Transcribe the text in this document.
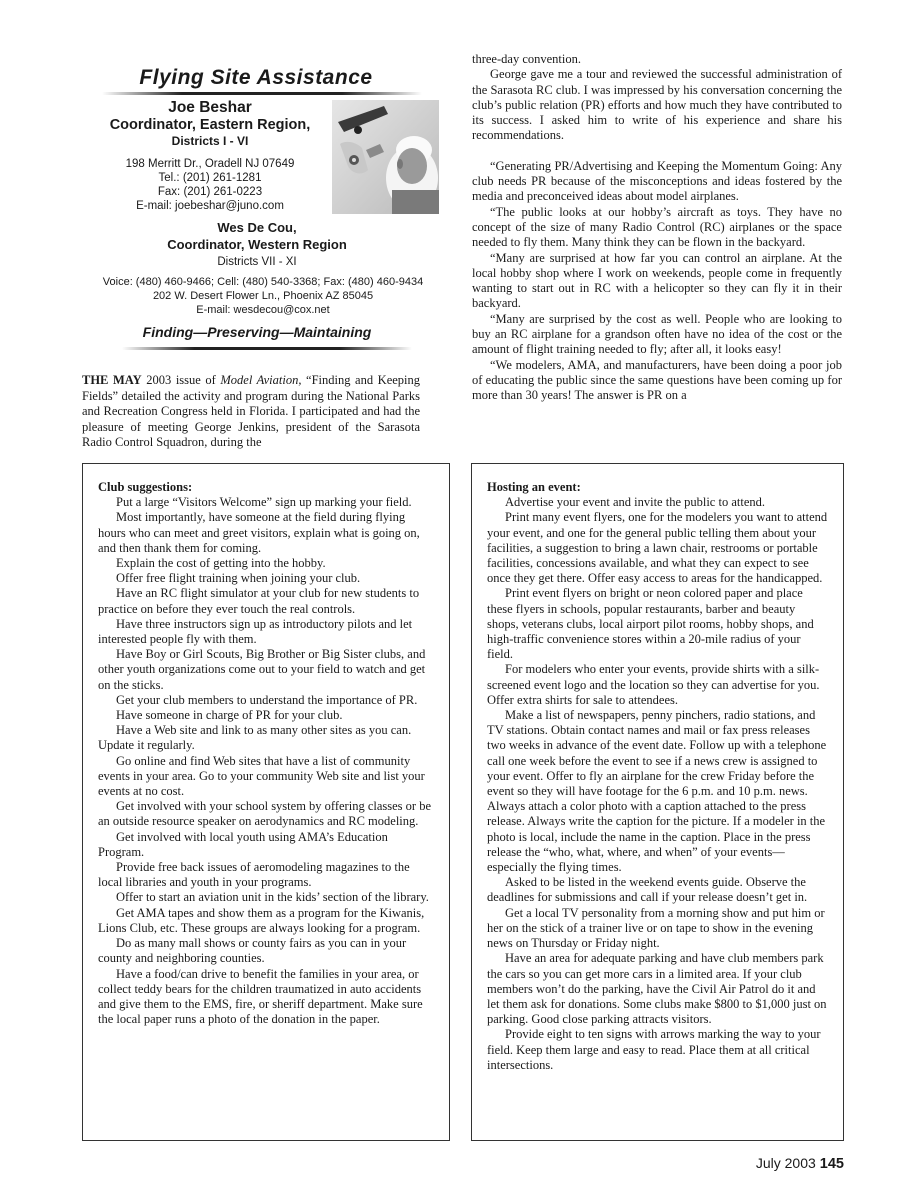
Flying Site Assistance
Joe Beshar
Coordinator, Eastern Region,
Districts I - VI
198 Merritt Dr., Oradell NJ 07649
Tel.: (201) 261-1281
Fax: (201) 261-0223
E-mail: joebeshar@juno.com
Wes De Cou,
Coordinator, Western Region
Districts VII - XI
Voice: (480) 460-9466; Cell: (480) 540-3368; Fax: (480) 460-9434
202 W. Desert Flower Ln., Phoenix AZ 85045
E-mail: wesdecou@cox.net
Finding—Preserving—Maintaining

THE MAY 2003 issue of Model Aviation, “Finding and Keeping Fields” detailed the activity and program during the National Parks and Recreation Congress held in Florida. I participated and had the pleasure of meeting George Jenkins, president of the Sarasota Radio Control Squadron, during the

three-day convention.

George gave me a tour and reviewed the successful administration of the Sarasota RC club. I was impressed by his conversation concerning the club’s public relation (PR) efforts and how much they have contributed to its success. I asked him to write of his experience and share his recommendations.

“Generating PR/Advertising and Keeping the Momentum Going: Any club needs PR because of the misconceptions and ideas fostered by the media and preconceived ideas about model airplanes.

“The public looks at our hobby’s aircraft as toys. They have no concept of the size of many Radio Control (RC) airplanes or the space needed to fly them. Many think they can be flown in the backyard.

“Many are surprised at how far you can control an airplane. At the local hobby shop where I work on weekends, people come in frequently wanting to start out in RC with a helicopter so they can fly it in their backyard.

“Many are surprised by the cost as well. People who are looking to buy an RC airplane for a grandson often have no idea of the cost or the amount of flight training needed to fly; after all, it looks easy!

“We modelers, AMA, and manufacturers, have been doing a poor job of educating the public since the same questions have been coming up for more than 30 years! The answer is PR on a

Club suggestions:

Put a large “Visitors Welcome” sign up marking your field.

Most importantly, have someone at the field during flying hours who can meet and greet visitors, explain what is going on, and then thank them for coming.

Explain the cost of getting into the hobby.

Offer free flight training when joining your club.

Have an RC flight simulator at your club for new students to practice on before they ever touch the real controls.

Have three instructors sign up as introductory pilots and let interested people fly with them.

Have Boy or Girl Scouts, Big Brother or Big Sister clubs, and other youth organizations come out to your field to watch and get on the sticks.

Get your club members to understand the importance of PR.

Have someone in charge of PR for your club.

Have a Web site and link to as many other sites as you can. Update it regularly.

Go online and find Web sites that have a list of community events in your area. Go to your community Web site and list your events at no cost.

Get involved with your school system by offering classes or be an outside resource speaker on aerodynamics and RC modeling.

Get involved with local youth using AMA’s Education Program.

Provide free back issues of aeromodeling magazines to the local libraries and youth in your programs.

Offer to start an aviation unit in the kids’ section of the library.

Get AMA tapes and show them as a program for the Kiwanis, Lions Club, etc. These groups are always looking for a program.

Do as many mall shows or county fairs as you can in your county and neighboring counties.

Have a food/can drive to benefit the families in your area, or collect teddy bears for the children traumatized in auto accidents and give them to the EMS, fire, or sheriff department. Make sure the local paper runs a photo of the donation in the paper.

Hosting an event:

Advertise your event and invite the public to attend.

Print many event flyers, one for the modelers you want to attend your event, and one for the general public telling them about your facilities, a suggestion to bring a lawn chair, restrooms or portable facilities, concessions available, and what they can expect to see once they get there. Offer easy access to areas for the handicapped.

Print event flyers on bright or neon colored paper and place these flyers in schools, popular restaurants, barber and beauty shops, veterans clubs, local airport pilot rooms, hobby shops, and high-traffic convenience stores within a 20-mile radius of your field.

For modelers who enter your events, provide shirts with a silk-screened event logo and the location so they can advertise for you. Offer extra shirts for sale to attendees.

Make a list of newspapers, penny pinchers, radio stations, and TV stations. Obtain contact names and mail or fax press releases two weeks in advance of the event date. Follow up with a telephone call one week before the event to see if a news crew is assigned to your event. Offer to fly an airplane for the crew Friday before the event so they will have footage for the 6 p.m. and 10 p.m. news. Always attach a color photo with a caption attached to the press release. Always write the caption for the picture. If a modeler in the photo is local, include the name in the caption. Place in the press release the “who, what, where, and when” of your events—especially the flying times.

Asked to be listed in the weekend events guide. Observe the deadlines for submissions and call if your release doesn’t get in.

Get a local TV personality from a morning show and put him or her on the stick of a trainer live or on tape to show in the evening news on Thursday or Friday night.

Have an area for adequate parking and have club members park the cars so you can get more cars in a limited area. If your club members won’t do the parking, have the Civil Air Patrol do it and let them ask for donations. Some clubs make $800 to $1,000 just on parking. Good close parking attracts visitors.

Provide eight to ten signs with arrows marking the way to your field. Keep them large and easy to read. Place them at all critical intersections.

July 2003 145
